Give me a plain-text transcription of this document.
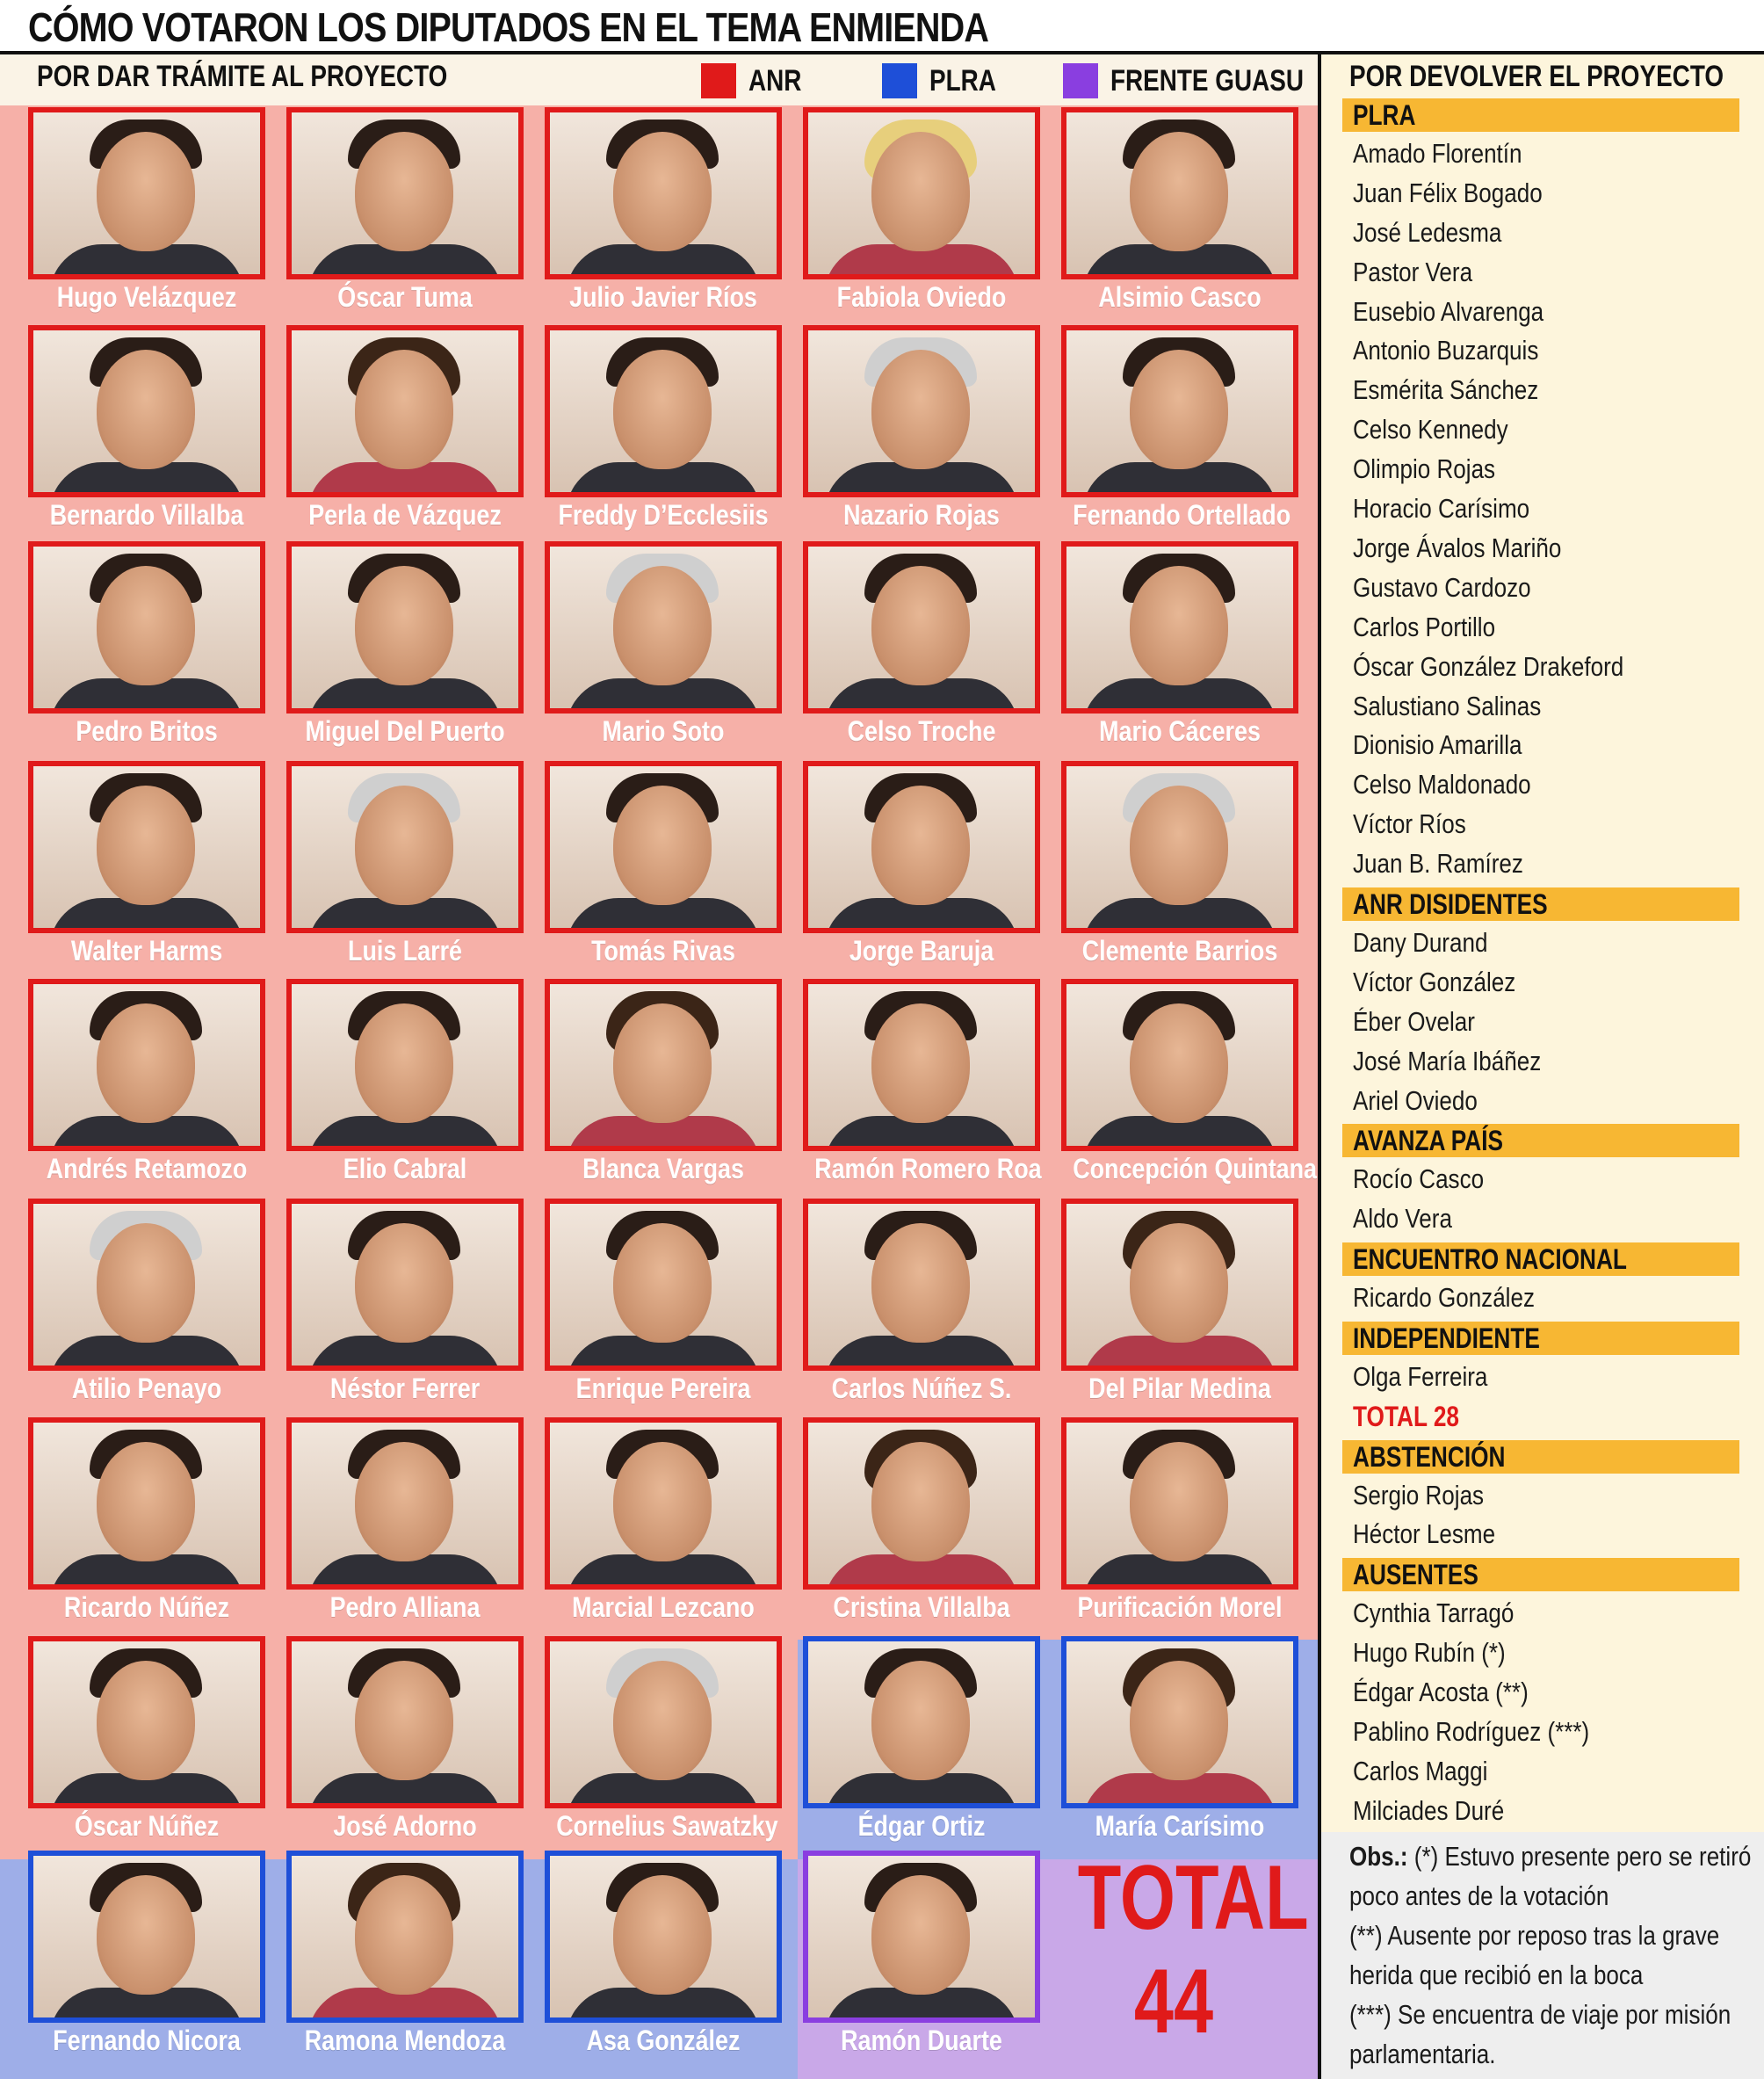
CÓMO VOTARON LOS DIPUTADOS EN EL TEMA ENMIENDA
POR DAR TRÁMITE AL PROYECTO	ANR	PLRA	FRENTE GUASU
Hugo Velázquez	Óscar Tuma	Julio Javier Ríos	Fabiola Oviedo	Alsimio Casco
Bernardo Villalba	Perla de Vázquez	Freddy D’Ecclesiis	Nazario Rojas	Fernando Ortellado
Pedro Britos	Miguel Del Puerto	Mario Soto	Celso Troche	Mario Cáceres
Walter Harms	Luis Larré	Tomás Rivas	Jorge Baruja	Clemente Barrios
Andrés Retamozo	Elio Cabral	Blanca Vargas	Ramón Romero Roa Concepción Quintana
Atilio Penayo	Néstor Ferrer	Enrique Pereira	Carlos Núñez S.	Del Pilar Medina
Ricardo Núñez	Pedro Alliana	Marcial Lezcano	Cristina Villalba	Purificación Morel
Óscar Núñez	José Adorno	Cornelius Sawatzky	Édgar Ortiz	María Carísimo
Fernando Nicora	Ramona Mendoza	Asa González	Ramón Duarte
TOTAL
44
POR DEVOLVER EL PROYECTO
PLRA
Amado Florentín
Juan Félix Bogado
José Ledesma
Pastor Vera
Eusebio Alvarenga
Antonio Buzarquis
Esmérita Sánchez
Celso Kennedy
Olimpio Rojas
Horacio Carísimo
Jorge Ávalos Mariño
Gustavo Cardozo
Carlos Portillo
Óscar González Drakeford
Salustiano Salinas
Dionisio Amarilla
Celso Maldonado
Víctor Ríos
Juan B. Ramírez
ANR DISIDENTES
Dany Durand
Víctor González
Éber Ovelar
José María Ibáñez
Ariel Oviedo
AVANZA PAÍS
Rocío Casco
Aldo Vera
ENCUENTRO NACIONAL
Ricardo González
INDEPENDIENTE
Olga Ferreira
TOTAL 28
ABSTENCIÓN
Sergio Rojas
Héctor Lesme
AUSENTES
Cynthia Tarragó
Hugo Rubín (*)
Édgar Acosta (**)
Pablino Rodríguez (***)
Carlos Maggi
Milciades Duré
Obs.: (*) Estuvo presente pero se retiró
poco antes de la votación
(**) Ausente por reposo tras la grave
herida que recibió en la boca
(***) Se encuentra de viaje por misión
parlamentaria.
